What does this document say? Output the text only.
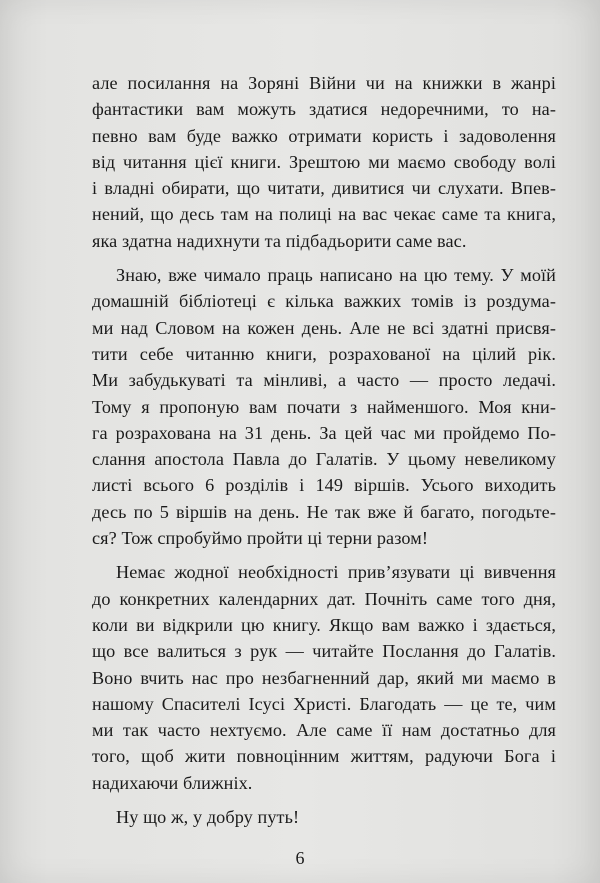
але посилання на Зоряні Війни чи на книжки в жанрі
фантастики вам можуть здатися недоречними, то на-
певно вам буде важко отримати користь і задоволення
від читання цієї книги. Зрештою ми маємо свободу волі
і владні обирати, що читати, дивитися чи слухати. Впев-
нений, що десь там на полиці на вас чекає саме та книга,
яка здатна надихнути та підбадьорити саме вас.
Знаю, вже чимало праць написано на цю тему. У моїй
домашній бібліотеці є кілька важких томів із роздума-
ми над Словом на кожен день. Але не всі здатні присвя-
тити себе читанню книги, розрахованої на цілий рік.
Ми забудькуваті та мінливі, а часто — просто ледачі.
Тому я пропоную вам почати з найменшого. Моя кни-
га розрахована на 31 день. За цей час ми пройдемо По-
слання апостола Павла до Галатів. У цьому невеликому
листі всього 6 розділів і 149 віршів. Усього виходить
десь по 5 віршів на день. Не так вже й багато, погодьте-
ся? Тож спробуймо пройти ці терни разом!
Немає жодної необхідності прив’язувати ці вивчення
до конкретних календарних дат. Почніть саме того дня,
коли ви відкрили цю книгу. Якщо вам важко і здається,
що все валиться з рук — читайте Послання до Галатів.
Воно вчить нас про незбагненний дар, який ми маємо в
нашому Спасителі Ісусі Христі. Благодать — це те, чим
ми так часто нехтуємо. Але саме її нам достатньо для
того, щоб жити повноцінним життям, радуючи Бога і
надихаючи ближніх.
Ну що ж, у добру путь!
6
